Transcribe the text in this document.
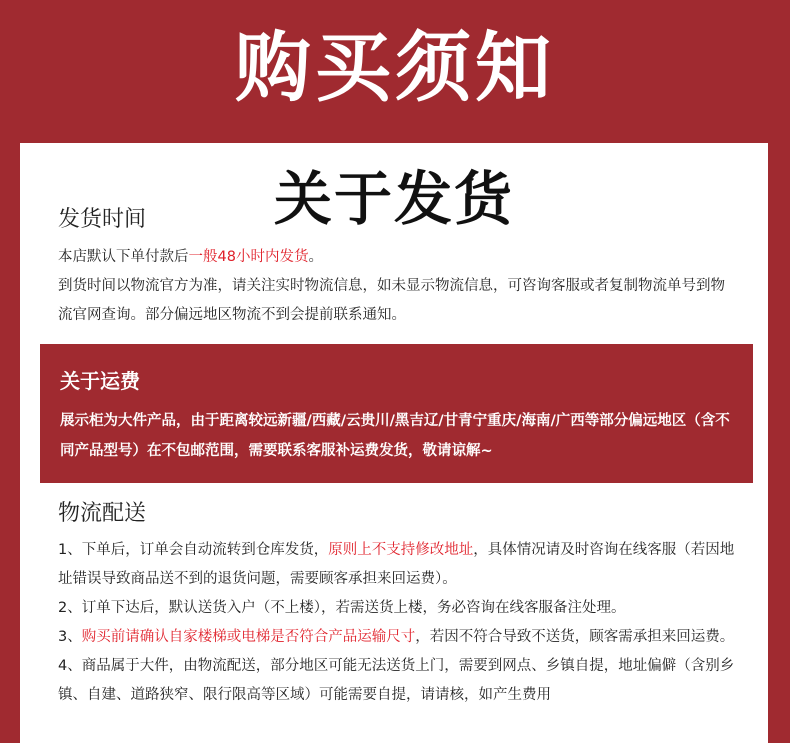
购买须知
关于发货
发货时间
本店默认下单付款后一般48小时内发货。
到货时间以物流官方为准，请关注实时物流信息，如未显示物流信息，可咨询客服或者复制物流单号到物流官网查询。部分偏远地区物流不到会提前联系通知。
物流配送
1、下单后，订单会自动流转到仓库发货，原则上不支持修改地址，具体情况请及时咨询在线客服（若因地址错误导致商品送不到的退货问题，需要顾客承担来回运费）。
2、订单下达后，默认送货入户（不上楼），若需送货上楼，务必咨询在线客服备注处理。
3、购买前请确认自家楼梯或电梯是否符合产品运输尺寸，若因不符合导致不送货，顾客需承担来回运费。
4、商品属于大件，由物流配送，部分地区可能无法送货上门，需要到网点、乡镇自提，地址偏僻（含别乡镇、自建、道路狭窄、限行限高等区域）可能需要自提，请请核，如产生费用
关于运费
展示柜为大件产品，由于距离较远新疆/西藏/云贵川/黑吉辽/甘青宁重庆/海南/广西等部分偏远地区（含不同产品型号）在不包邮范围，需要联系客服补运费发货，敬请谅解~
